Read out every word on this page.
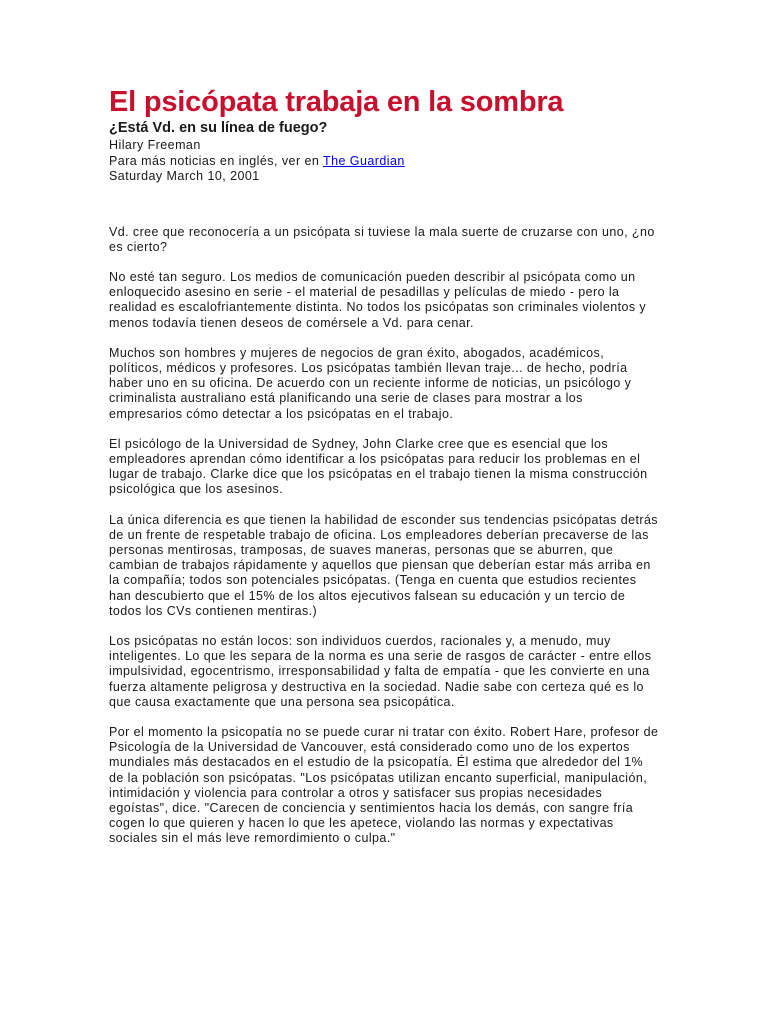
El psicópata trabaja en la sombra

¿Está Vd. en su línea de fuego?

Hilary Freeman

Para más noticias en inglés, ver en The Guardian

Saturday March 10, 2001

Vd. cree que reconocería a un psicópata si tuviese la mala suerte de cruzarse con uno, ¿no es cierto?

No esté tan seguro. Los medios de comunicación pueden describir al psicópata como un enloquecido asesino en serie - el material de pesadillas y películas de miedo - pero la realidad es escalofriantemente distinta. No todos los psicópatas son criminales violentos y menos todavía tienen deseos de comérsele a Vd. para cenar.

Muchos son hombres y mujeres de negocios de gran éxito, abogados, académicos, políticos, médicos y profesores. Los psicópatas también llevan traje... de hecho, podría haber uno en su oficina. De acuerdo con un reciente informe de noticias, un psicólogo y criminalista australiano está planificando una serie de clases para mostrar a los empresarios cómo detectar a los psicópatas en el trabajo.

El psicólogo de la Universidad de Sydney, John Clarke cree que es esencial que los empleadores aprendan cómo identificar a los psicópatas para reducir los problemas en el lugar de trabajo. Clarke dice que los psicópatas en el trabajo tienen la misma construcción psicológica que los asesinos.

La única diferencia es que tienen la habilidad de esconder sus tendencias psicópatas detrás de un frente de respetable trabajo de oficina. Los empleadores deberían precaverse de las personas mentirosas, tramposas, de suaves maneras, personas que se aburren, que cambian de trabajos rápidamente y aquellos que piensan que deberían estar más arriba en la compañía; todos son potenciales psicópatas. (Tenga en cuenta que estudios recientes han descubierto que el 15% de los altos ejecutivos falsean su educación y un tercio de todos los CVs contienen mentiras.)

Los psicópatas no están locos: son individuos cuerdos, racionales y, a menudo, muy inteligentes. Lo que les separa de la norma es una serie de rasgos de carácter - entre ellos impulsividad, egocentrismo, irresponsabilidad y falta de empatía - que les convierte en una fuerza altamente peligrosa y destructiva en la sociedad. Nadie sabe con certeza qué es lo que causa exactamente que una persona sea psicopática.

Por el momento la psicopatía no se puede curar ni tratar con éxito. Robert Hare, profesor de Psicología de la Universidad de Vancouver, está considerado como uno de los expertos mundiales más destacados en el estudio de la psicopatía. Él estima que alrededor del 1% de la población son psicópatas. "Los psicópatas utilizan encanto superficial, manipulación, intimidación y violencia para controlar a otros y satisfacer sus propias necesidades egoístas", dice. "Carecen de conciencia y sentimientos hacia los demás, con sangre fría cogen lo que quieren y hacen lo que les apetece, violando las normas y expectativas sociales sin el más leve remordimiento o culpa."
